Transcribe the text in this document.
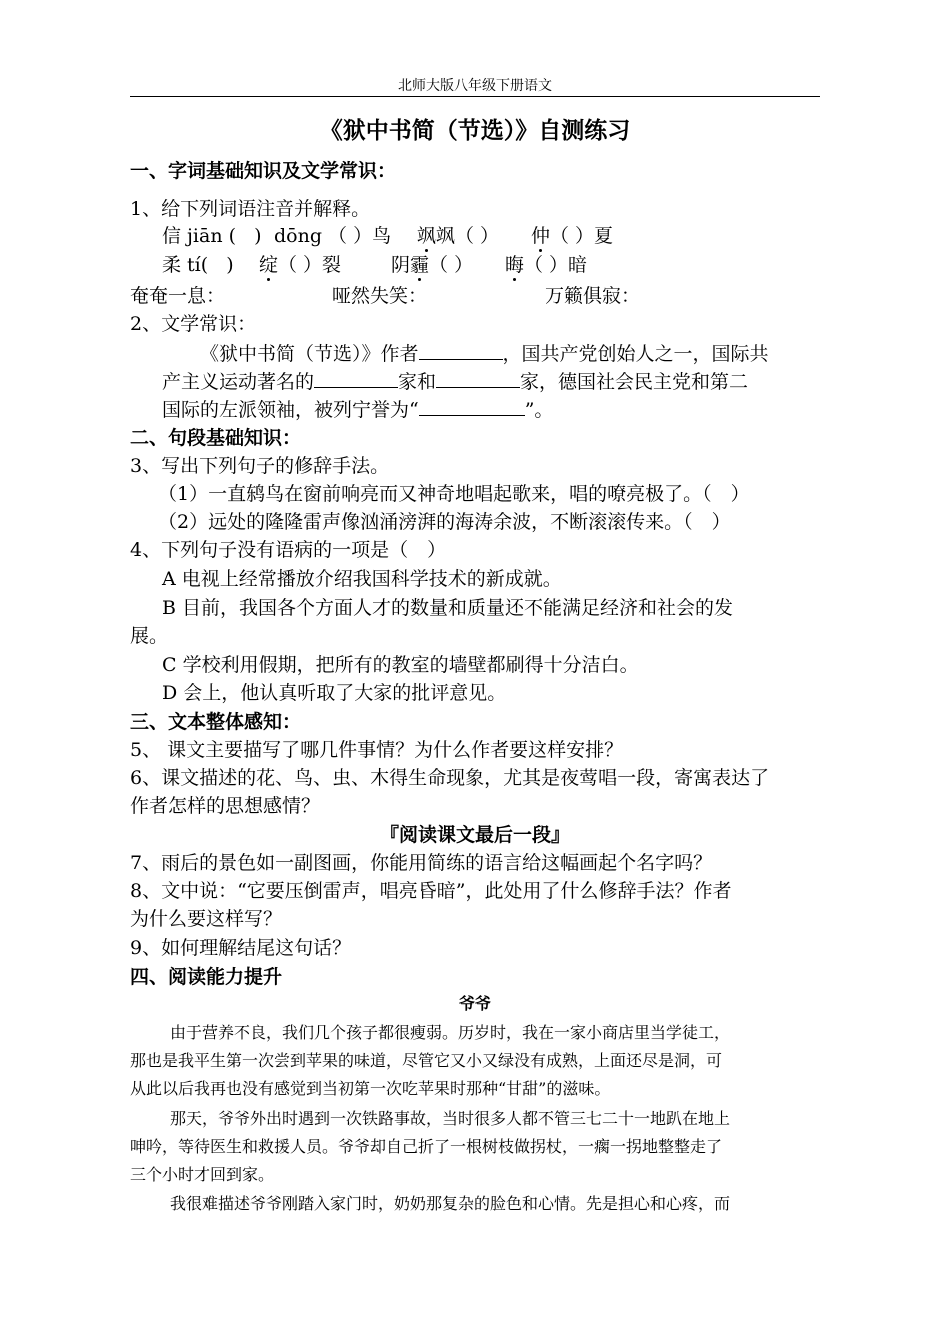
北师大版八年级下册语文
《狱中书简（节选）》自测练习
一、字词基础知识及文学常识：
1、给下列词语注音并解释。
信 jiān (   ) dōng （ ）鸟 飒飒（ ） 仲（ ）夏
柔 tí(   ) 绽（ ）裂	阴霾（ ） 晦（ ）暗
奄奄一息：	哑然失笑：	万籁俱寂：
2、文学常识：
《狱中书简（节选）》作者	，国共产党创始人之一，国际共
产主义运动著名的	家和	家，德国社会民主党和第二
国际的左派领袖，被列宁誉为“	”。
二、句段基础知识：
3、写出下列句子的修辞手法。
（1）一直鸫鸟在窗前响亮而又神奇地唱起歌来，唱的嘹亮极了。（　）
（2）远处的隆隆雷声像汹涌滂湃的海涛余波，不断滚滚传来。（　）
4、下列句子没有语病的一项是（　）
A 电视上经常播放介绍我国科学技术的新成就。
B 目前，我国各个方面人才的数量和质量还不能满足经济和社会的发
展。
C 学校利用假期，把所有的教室的墙壁都刷得十分洁白。
D 会上，他认真听取了大家的批评意见。
三、文本整体感知：
5、 课文主要描写了哪几件事情？为什么作者要这样安排？
6、课文描述的花、鸟、虫、木得生命现象，尤其是夜莺唱一段，寄寓表达了
作者怎样的思想感情？
『阅读课文最后一段』
7、雨后的景色如一副图画，你能用简练的语言给这幅画起个名字吗？
8、文中说：“它要压倒雷声，唱亮昏暗”，此处用了什么修辞手法？作者
为什么要这样写？
9、如何理解结尾这句话？
四、阅读能力提升
爷爷
由于营养不良，我们几个孩子都很瘦弱。历岁时，我在一家小商店里当学徒工，
那也是我平生第一次尝到苹果的味道，尽管它又小又绿没有成熟，上面还尽是洞，可
从此以后我再也没有感觉到当初第一次吃苹果时那种“甘甜”的滋味。
那天，爷爷外出时遇到一次铁路事故，当时很多人都不管三七二十一地趴在地上
呻吟，等待医生和救援人员。爷爷却自己折了一根树枝做拐杖，一瘸一拐地整整走了
三个小时才回到家。
我很难描述爷爷刚踏入家门时，奶奶那复杂的脸色和心情。先是担心和心疼，而
